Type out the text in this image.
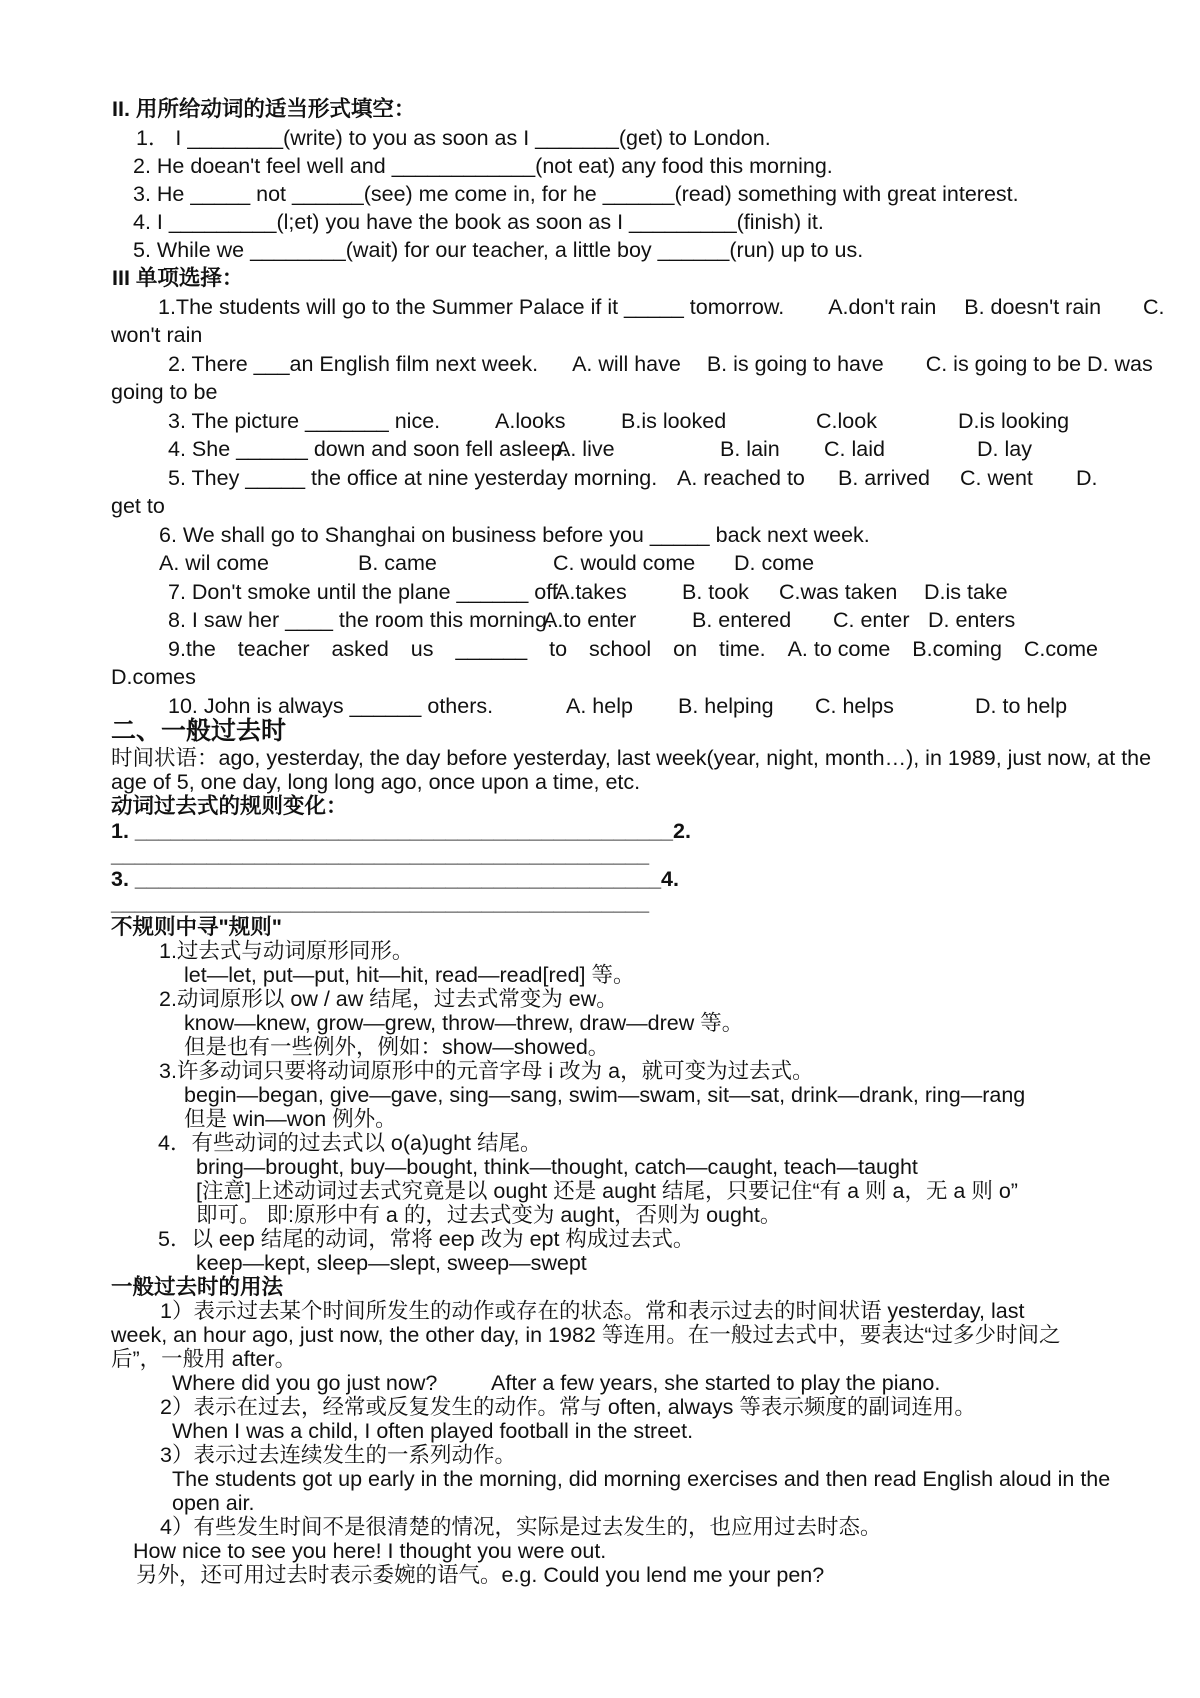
II. 用所给动词的适当形式填空：
1． I ________(write) to you as soon as I _______(get) to London.
2. He doean't feel well and ____________(not eat) any food this morning.
3. He _____ not ______(see) me come in, for he ______(read) something with great interest.
4. I _________(l;et) you have the book as soon as I _________(finish) it.
5. While we ________(wait) for our teacher, a little boy ______(run) up to us.
III 单项选择：
1.The students will go to the Summer Palace if it _____ tomorrow. A.don't rain B. doesn't rain C.
won't rain
2. There ___an English film next week. A. will have B. is going to have C. is going to be D. was
going to be
3. The picture _______ nice.	A.looks	B.is looked	C.look	D.is looking
4. She ______ down and soon fell asleep.
A. live	B. lain C. laid	D. lay
5. They _____ the office at nine yesterday morning. A. reached to B. arrived C. went D.
get to
6. We shall go to Shanghai on business before you _____ back next week.
A. wil come	B. came	C. would come D. come
7. Don't smoke until the plane ______ off.
A.takes	B. took C.was taken D.is take
8. I saw her ____ the room this morning.
A.to enter	B. entered C. enter D. enters
9.the teacher asked us ______ to school on time. A. to come B.coming C.come
D.comes
10. John is always ______ others.	A. help B. helping C. helps	D. to help
二、一般过去时
时间状语：ago, yesterday, the day before yesterday, last week(year, night, month…), in 1989, just now, at the
age of 5, one day, long long ago, once upon a time, etc.
动词过去式的规则变化：
1. _____________________________________________2.
_____________________________________________
3. ____________________________________________4.
_____________________________________________
不规则中寻"规则"
1.过去式与动词原形同形。
let—let, put—put, hit—hit, read—read[red] 等。
2.动词原形以 ow / aw 结尾，过去式常变为 ew。
know—knew, grow—grew, throw—threw, draw—drew 等。
但是也有一些例外，例如：show—showed。
3.许多动词只要将动词原形中的元音字母 i 改为 a，就可变为过去式。
begin—began, give—gave, sing—sang, swim—swam, sit—sat, drink—drank, ring—rang
但是 win—won 例外。
4．有些动词的过去式以 o(a)ught 结尾。
bring—brought, buy—bought, think—thought, catch—caught, teach—taught
[注意]上述动词过去式究竟是以 ought 还是 aught 结尾，只要记住“有 a 则 a，无 a 则 o”
即可。 即:原形中有 a 的，过去式变为 aught，否则为 ought。
5．以 eep 结尾的动词，常将 eep 改为 ept 构成过去式。
keep—kept, sleep—slept, sweep—swept
一般过去时的用法
1）表示过去某个时间所发生的动作或存在的状态。常和表示过去的时间状语 yesterday, last
week, an hour ago, just now, the other day, in 1982 等连用。在一般过去式中，要表达“过多少时间之
后”，一般用 after。
Where did you go just now? After a few years, she started to play the piano.
2）表示在过去，经常或反复发生的动作。常与 often, always 等表示频度的副词连用。
When I was a child, I often played football in the street.
3）表示过去连续发生的一系列动作。
The students got up early in the morning, did morning exercises and then read English aloud in the
open air.
4）有些发生时间不是很清楚的情况，实际是过去发生的，也应用过去时态。
How nice to see you here! I thought you were out.
另外，还可用过去时表示委婉的语气。e.g. Could you lend me your pen?
